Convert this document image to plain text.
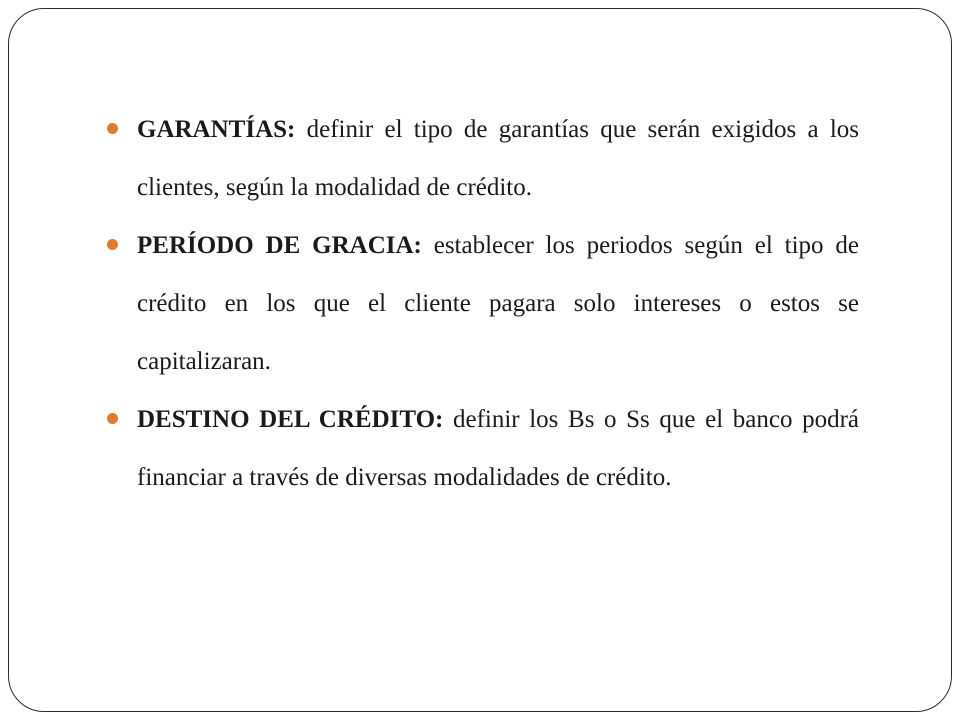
GARANTÍAS: definir el tipo de garantías que serán exigidos a los clientes, según la modalidad de crédito.
PERÍODO DE GRACIA: establecer los periodos según el tipo de crédito en los que el cliente pagara solo intereses o estos se capitalizaran.
DESTINO DEL CRÉDITO: definir los Bs o Ss que el banco podrá financiar a través de diversas modalidades de crédito.
